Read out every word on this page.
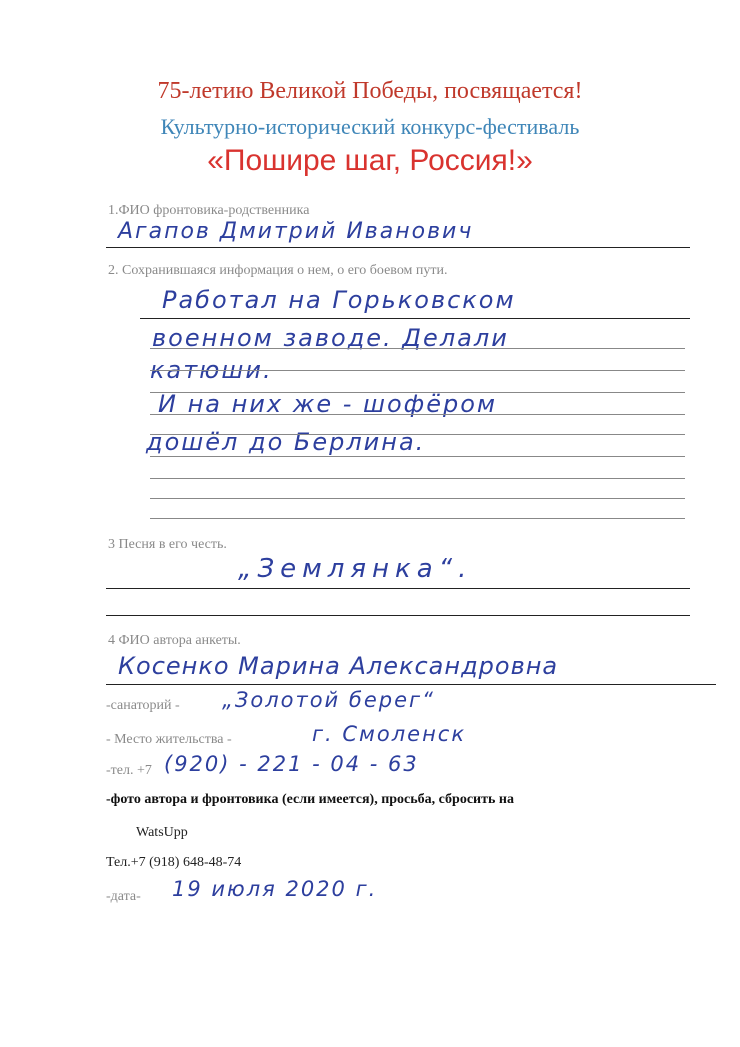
75-летию Великой Победы, посвящается!
Культурно-исторический конкурс-фестиваль
«Пошире шаг, Россия!»
1.ФИО фронтовика-родственника
Агапов Дмитрий Иванович
2. Сохранившаяся информация о нем, о его боевом пути.
Работал на Горьковском
военном заводе. Делали
катюши.
И на них же - шофёром
дошёл до Берлина.
3 Песня в его честь.
„Землянка“.
4 ФИО автора анкеты.
Косенко Марина Александровна
-санаторий - „Золотой берег“
- Место жительства -	г. Смоленск
-тел. +7 (920) - 221 - 04 - 63
-фото автора и фронтовика (если имеется), просьба, сбросить на
WatsUpp
Тел.+7 (918) 648-48-74
-дата- 19 июля 2020 г.
